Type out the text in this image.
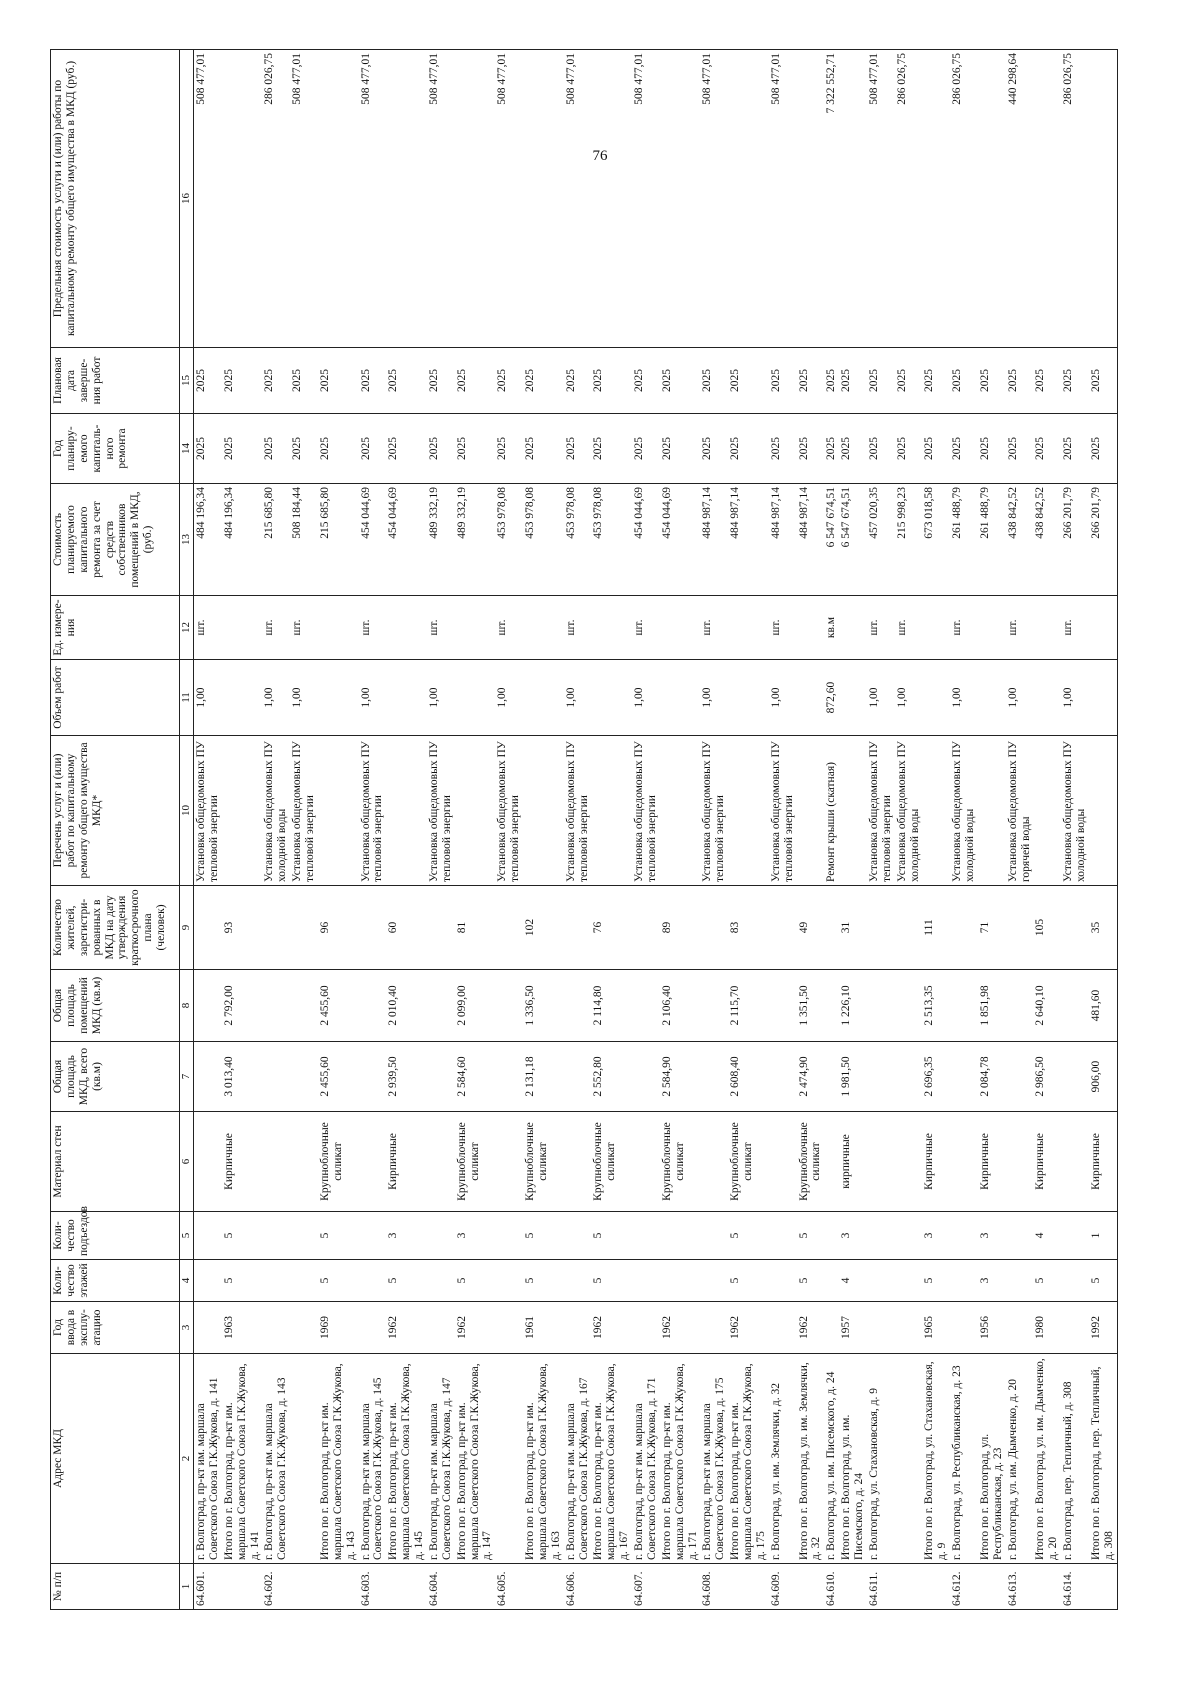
76
№ п/п	Адрес МКД	Год ввода в эксплу-атацию	Коли-чество этажей	Коли-чество подъездов	Материал стен	Общая площадь МКД, всего (кв.м)	Общая площадь помещений МКД (кв.м)	Количество жителей, зарегистри-рованных в МКД на дату утверждения краткосрочного плана (человек)	Перечень услуг и (или) работ по капитальному ремонту общего имущества МКД*	Объем работ	Ед. измере-ния	Стоимость планируемого капитального ремонта за счет средств собственников помещений в МКД, (руб.)	Год планиру-емого капиталь-ного ремонта	Плановая дата заверше-ния работ	Предельная стоимость услуги и (или) работы по капитальному ремонту общего имущества в МКД (руб.)
1	2	3	4	5	6	7	8	9	10	11	12	13	14	15	16
64.601.	г. Волгоград, пр-кт им. маршала Советского Союза Г.К.Жукова, д. 141								Установка общедомовых ПУ тепловой энергии	1,00	шт.	484 196,34	2025	2025	508 477,01
	Итого по г. Волгоград, пр-кт им. маршала Советского Союза Г.К.Жукова, д. 141	1963	5	5	Кирпичные	3 013,40	2 792,00	93				484 196,34	2025	2025	
64.602.	г. Волгоград, пр-кт им. маршала Советского Союза Г.К.Жукова, д. 143								Установка общедомовых ПУ холодной воды	1,00	шт.	215 685,80	2025	2025	286 026,75
									Установка общедомовых ПУ тепловой энергии	1,00	шт.	508 184,44	2025	2025	508 477,01
	Итого по г. Волгоград, пр-кт им. маршала Советского Союза Г.К.Жукова, д. 143	1969	5	5	Крупноблочные силикат	2 455,60	2 455,60	96				215 685,80	2025	2025	
64.603.	г. Волгоград, пр-кт им. маршала Советского Союза Г.К.Жукова, д. 145								Установка общедомовых ПУ тепловой энергии	1,00	шт.	454 044,69	2025	2025	508 477,01
	Итого по г. Волгоград, пр-кт им. маршала Советского Союза Г.К.Жукова, д. 145	1962	5	3	Кирпичные	2 939,50	2 010,40	60				454 044,69	2025	2025	
64.604.	г. Волгоград, пр-кт им. маршала Советского Союза Г.К.Жукова, д. 147								Установка общедомовых ПУ тепловой энергии	1,00	шт.	489 332,19	2025	2025	508 477,01
	Итого по г. Волгоград, пр-кт им. маршала Советского Союза Г.К.Жукова, д. 147	1962	5	3	Крупноблочные силикат	2 584,60	2 099,00	81				489 332,19	2025	2025	
64.605.									Установка общедомовых ПУ тепловой энергии	1,00	шт.	453 978,08	2025	2025	508 477,01
	Итого по г. Волгоград, пр-кт им. маршала Советского Союза Г.К.Жукова, д. 163	1961	5	5	Крупноблочные силикат	2 131,18	1 336,50	102				453 978,08	2025	2025	
64.606.	г. Волгоград, пр-кт им. маршала Советского Союза Г.К.Жукова, д. 167								Установка общедомовых ПУ тепловой энергии	1,00	шт.	453 978,08	2025	2025	508 477,01
	Итого по г. Волгоград, пр-кт им. маршала Советского Союза Г.К.Жукова, д. 167	1962	5	5	Крупноблочные силикат	2 552,80	2 114,80	76				453 978,08	2025	2025	
64.607.	г. Волгоград, пр-кт им. маршала Советского Союза Г.К.Жукова, д. 171								Установка общедомовых ПУ тепловой энергии	1,00	шт.	454 044,69	2025	2025	508 477,01
	Итого по г. Волгоград, пр-кт им. маршала Советского Союза Г.К.Жукова, д. 171	1962			Крупноблочные силикат	2 584,90	2 106,40	89				454 044,69	2025	2025	
64.608.	г. Волгоград, пр-кт им. маршала Советского Союза Г.К.Жукова, д. 175								Установка общедомовых ПУ тепловой энергии	1,00	шт.	484 987,14	2025	2025	508 477,01
	Итого по г. Волгоград, пр-кт им. маршала Советского Союза Г.К.Жукова, д. 175	1962	5	5	Крупноблочные силикат	2 608,40	2 115,70	83				484 987,14	2025	2025	
64.609.	г. Волгоград, ул. им. Землячки, д. 32								Установка общедомовых ПУ тепловой энергии	1,00	шт.	484 987,14	2025	2025	508 477,01
	Итого по г. Волгоград, ул. им. Землячки, д. 32	1962	5	5	Крупноблочные силикат	2 474,90	1 351,50	49				484 987,14	2025	2025	
64.610.	г. Волгоград, ул. им. Писемского, д. 24								Ремонт крыши (скатная)	872,60	кв.м	6 547 674,51	2025	2025	7 322 552,71
	Итого по г. Волгоград, ул. им. Писемского, д. 24	1957	4	3	кирпичные	1 981,50	1 226,10	31				6 547 674,51	2025	2025	
64.611.	г. Волгоград, ул. Стахановская, д. 9								Установка общедомовых ПУ тепловой энергии	1,00	шт.	457 020,35	2025	2025	508 477,01
									Установка общедомовых ПУ холодной воды	1,00	шт.	215 998,23	2025	2025	286 026,75
	Итого по г. Волгоград, ул. Стахановская, д. 9	1965	5	3	Кирпичные	2 696,35	2 513,35	111				673 018,58	2025	2025	
64.612.	г. Волгоград, ул. Республиканская, д. 23								Установка общедомовых ПУ холодной воды	1,00	шт.	261 488,79	2025	2025	286 026,75
	Итого по г. Волгоград, ул. Республиканская, д. 23	1956	3	3	Кирпичные	2 084,78	1 851,98	71				261 488,79	2025	2025	
64.613.	г. Волгоград, ул. им. Дымченко, д. 20								Установка общедомовых ПУ горячей воды	1,00	шт.	438 842,52	2025	2025	440 298,64
	Итого по г. Волгоград, ул. им. Дымченко, д. 20	1980	5	4	Кирпичные	2 986,50	2 640,10	105				438 842,52	2025	2025	
64.614.	г. Волгоград, пер. Тепличный, д. 308								Установка общедомовых ПУ холодной воды	1,00	шт.	266 201,79	2025	2025	286 026,75
	Итого по г. Волгоград, пер. Тепличный, д. 308	1992	5	1	Кирпичные	906,00	481,60	35				266 201,79	2025	2025	
